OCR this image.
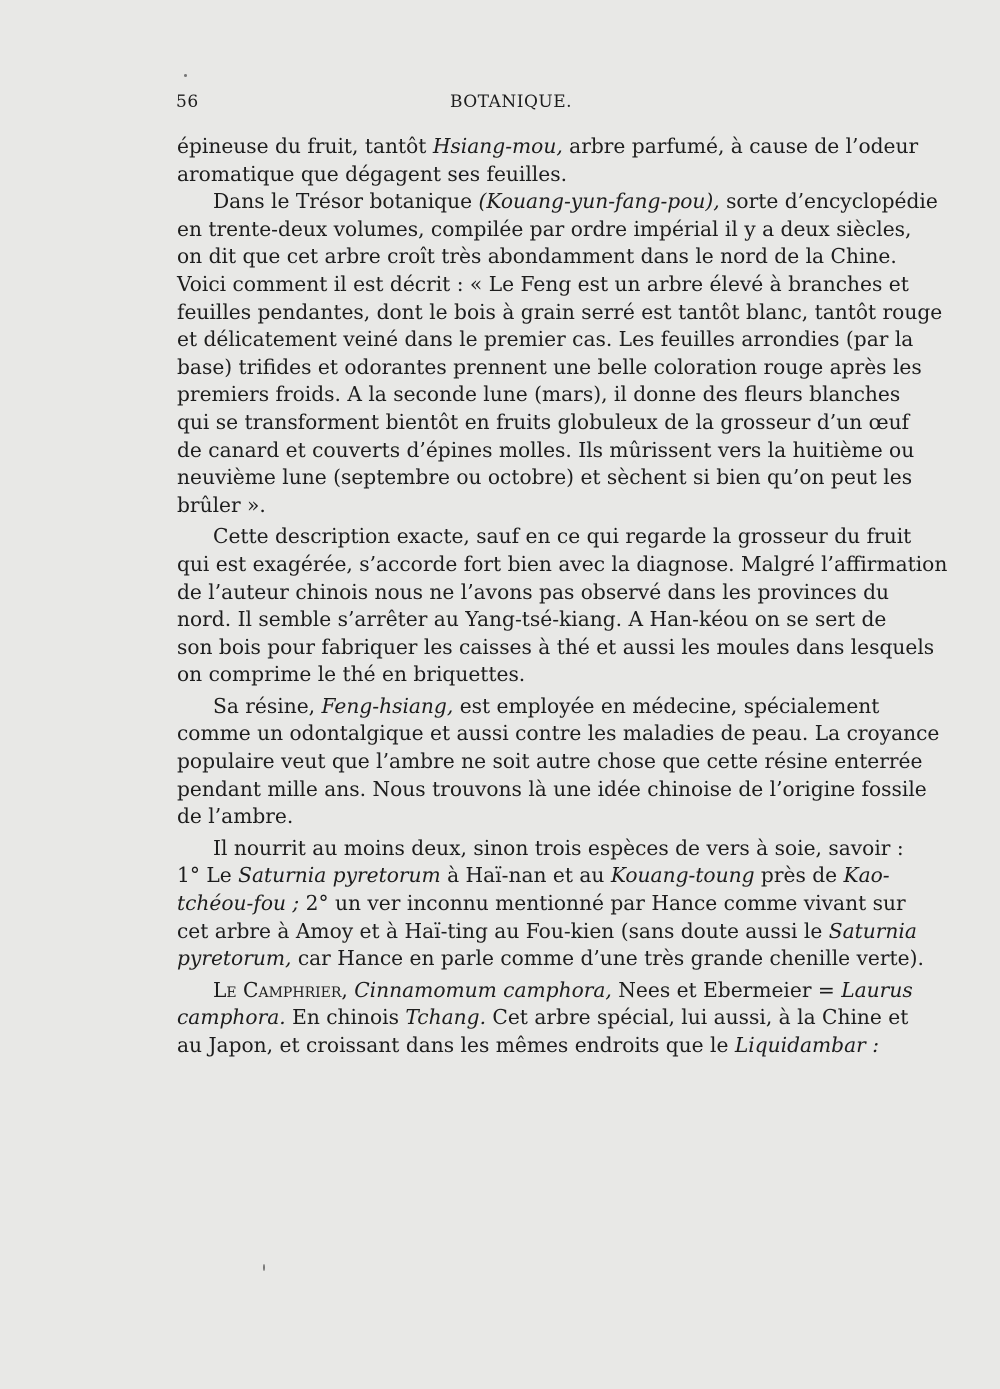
56	BOTANIQUE.
épineuse du fruit, tantôt Hsiang-mou, arbre parfumé, à cause de l’odeur
aromatique que dégagent ses feuilles.
Dans le Trésor botanique (Kouang-yun-fang-pou), sorte d’encyclopédie
en trente-deux volumes, compilée par ordre impérial il y a deux siècles,
on dit que cet arbre croît très abondamment dans le nord de la Chine.
Voici comment il est décrit : « Le Feng est un arbre élevé à branches et
feuilles pendantes, dont le bois à grain serré est tantôt blanc, tantôt rouge
et délicatement veiné dans le premier cas. Les feuilles arrondies (par la
base) trifides et odorantes prennent une belle coloration rouge après les
premiers froids. A la seconde lune (mars), il donne des fleurs blanches
qui se transforment bientôt en fruits globuleux de la grosseur d’un œuf
de canard et couverts d’épines molles. Ils mûrissent vers la huitième ou
neuvième lune (septembre ou octobre) et sèchent si bien qu’on peut les
brûler ».
Cette description exacte, sauf en ce qui regarde la grosseur du fruit
qui est exagérée, s’accorde fort bien avec la diagnose. Malgré l’affirmation
de l’auteur chinois nous ne l’avons pas observé dans les provinces du
nord. Il semble s’arrêter au Yang-tsé-kiang. A Han-kéou on se sert de
son bois pour fabriquer les caisses à thé et aussi les moules dans lesquels
on comprime le thé en briquettes.
Sa résine, Feng-hsiang, est employée en médecine, spécialement
comme un odontalgique et aussi contre les maladies de peau. La croyance
populaire veut que l’ambre ne soit autre chose que cette résine enterrée
pendant mille ans. Nous trouvons là une idée chinoise de l’origine fossile
de l’ambre.
Il nourrit au moins deux, sinon trois espèces de vers à soie, savoir :
1° Le Saturnia pyretorum à Haï-nan et au Kouang-toung près de Kao-
tchéou-fou ; 2° un ver inconnu mentionné par Hance comme vivant sur
cet arbre à Amoy et à Haï-ting au Fou-kien (sans doute aussi le Saturnia
pyretorum, car Hance en parle comme d’une très grande chenille verte).
Le Camphrier, Cinnamomum camphora, Nees et Ebermeier = Laurus
camphora. En chinois Tchang. Cet arbre spécial, lui aussi, à la Chine et
au Japon, et croissant dans les mêmes endroits que le Liquidambar :
